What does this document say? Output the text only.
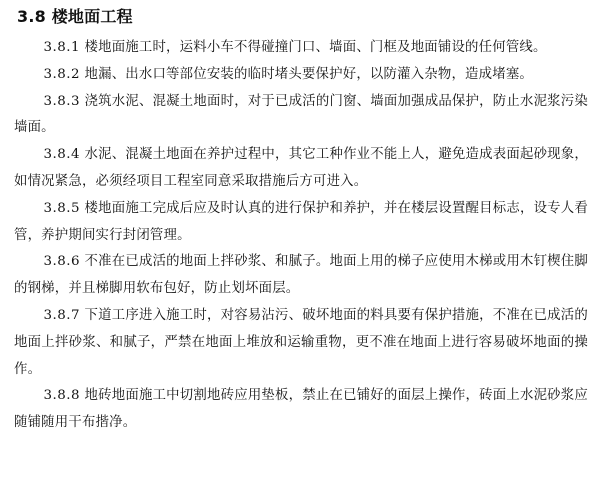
3.8 楼地面工程

3.8.1 楼地面施工时，运料小车不得碰撞门口、墙面、门框及地面铺设的任何管线。

3.8.2 地漏、出水口等部位安装的临时堵头要保护好，以防灌入杂物，造成堵塞。

3.8.3 浇筑水泥、混凝土地面时，对于已成活的门窗、墙面加强成品保护，防止水泥浆污染墙面。

3.8.4 水泥、混凝土地面在养护过程中，其它工种作业不能上人，避免造成表面起砂现象，如情况紧急，必须经项目工程室同意采取措施后方可进入。

3.8.5 楼地面施工完成后应及时认真的进行保护和养护，并在楼层设置醒目标志，设专人看管，养护期间实行封闭管理。

3.8.6 不准在已成活的地面上拌砂浆、和腻子。地面上用的梯子应使用木梯或用木钉楔住脚的钢梯，并且梯脚用软布包好，防止划坏面层。

3.8.7 下道工序进入施工时，对容易沾污、破坏地面的料具要有保护措施，不准在已成活的地面上拌砂浆、和腻子，严禁在地面上堆放和运输重物，更不准在地面上进行容易破坏地面的操作。

3.8.8 地砖地面施工中切割地砖应用垫板，禁止在已铺好的面层上操作，砖面上水泥砂浆应随铺随用干布揩净。
